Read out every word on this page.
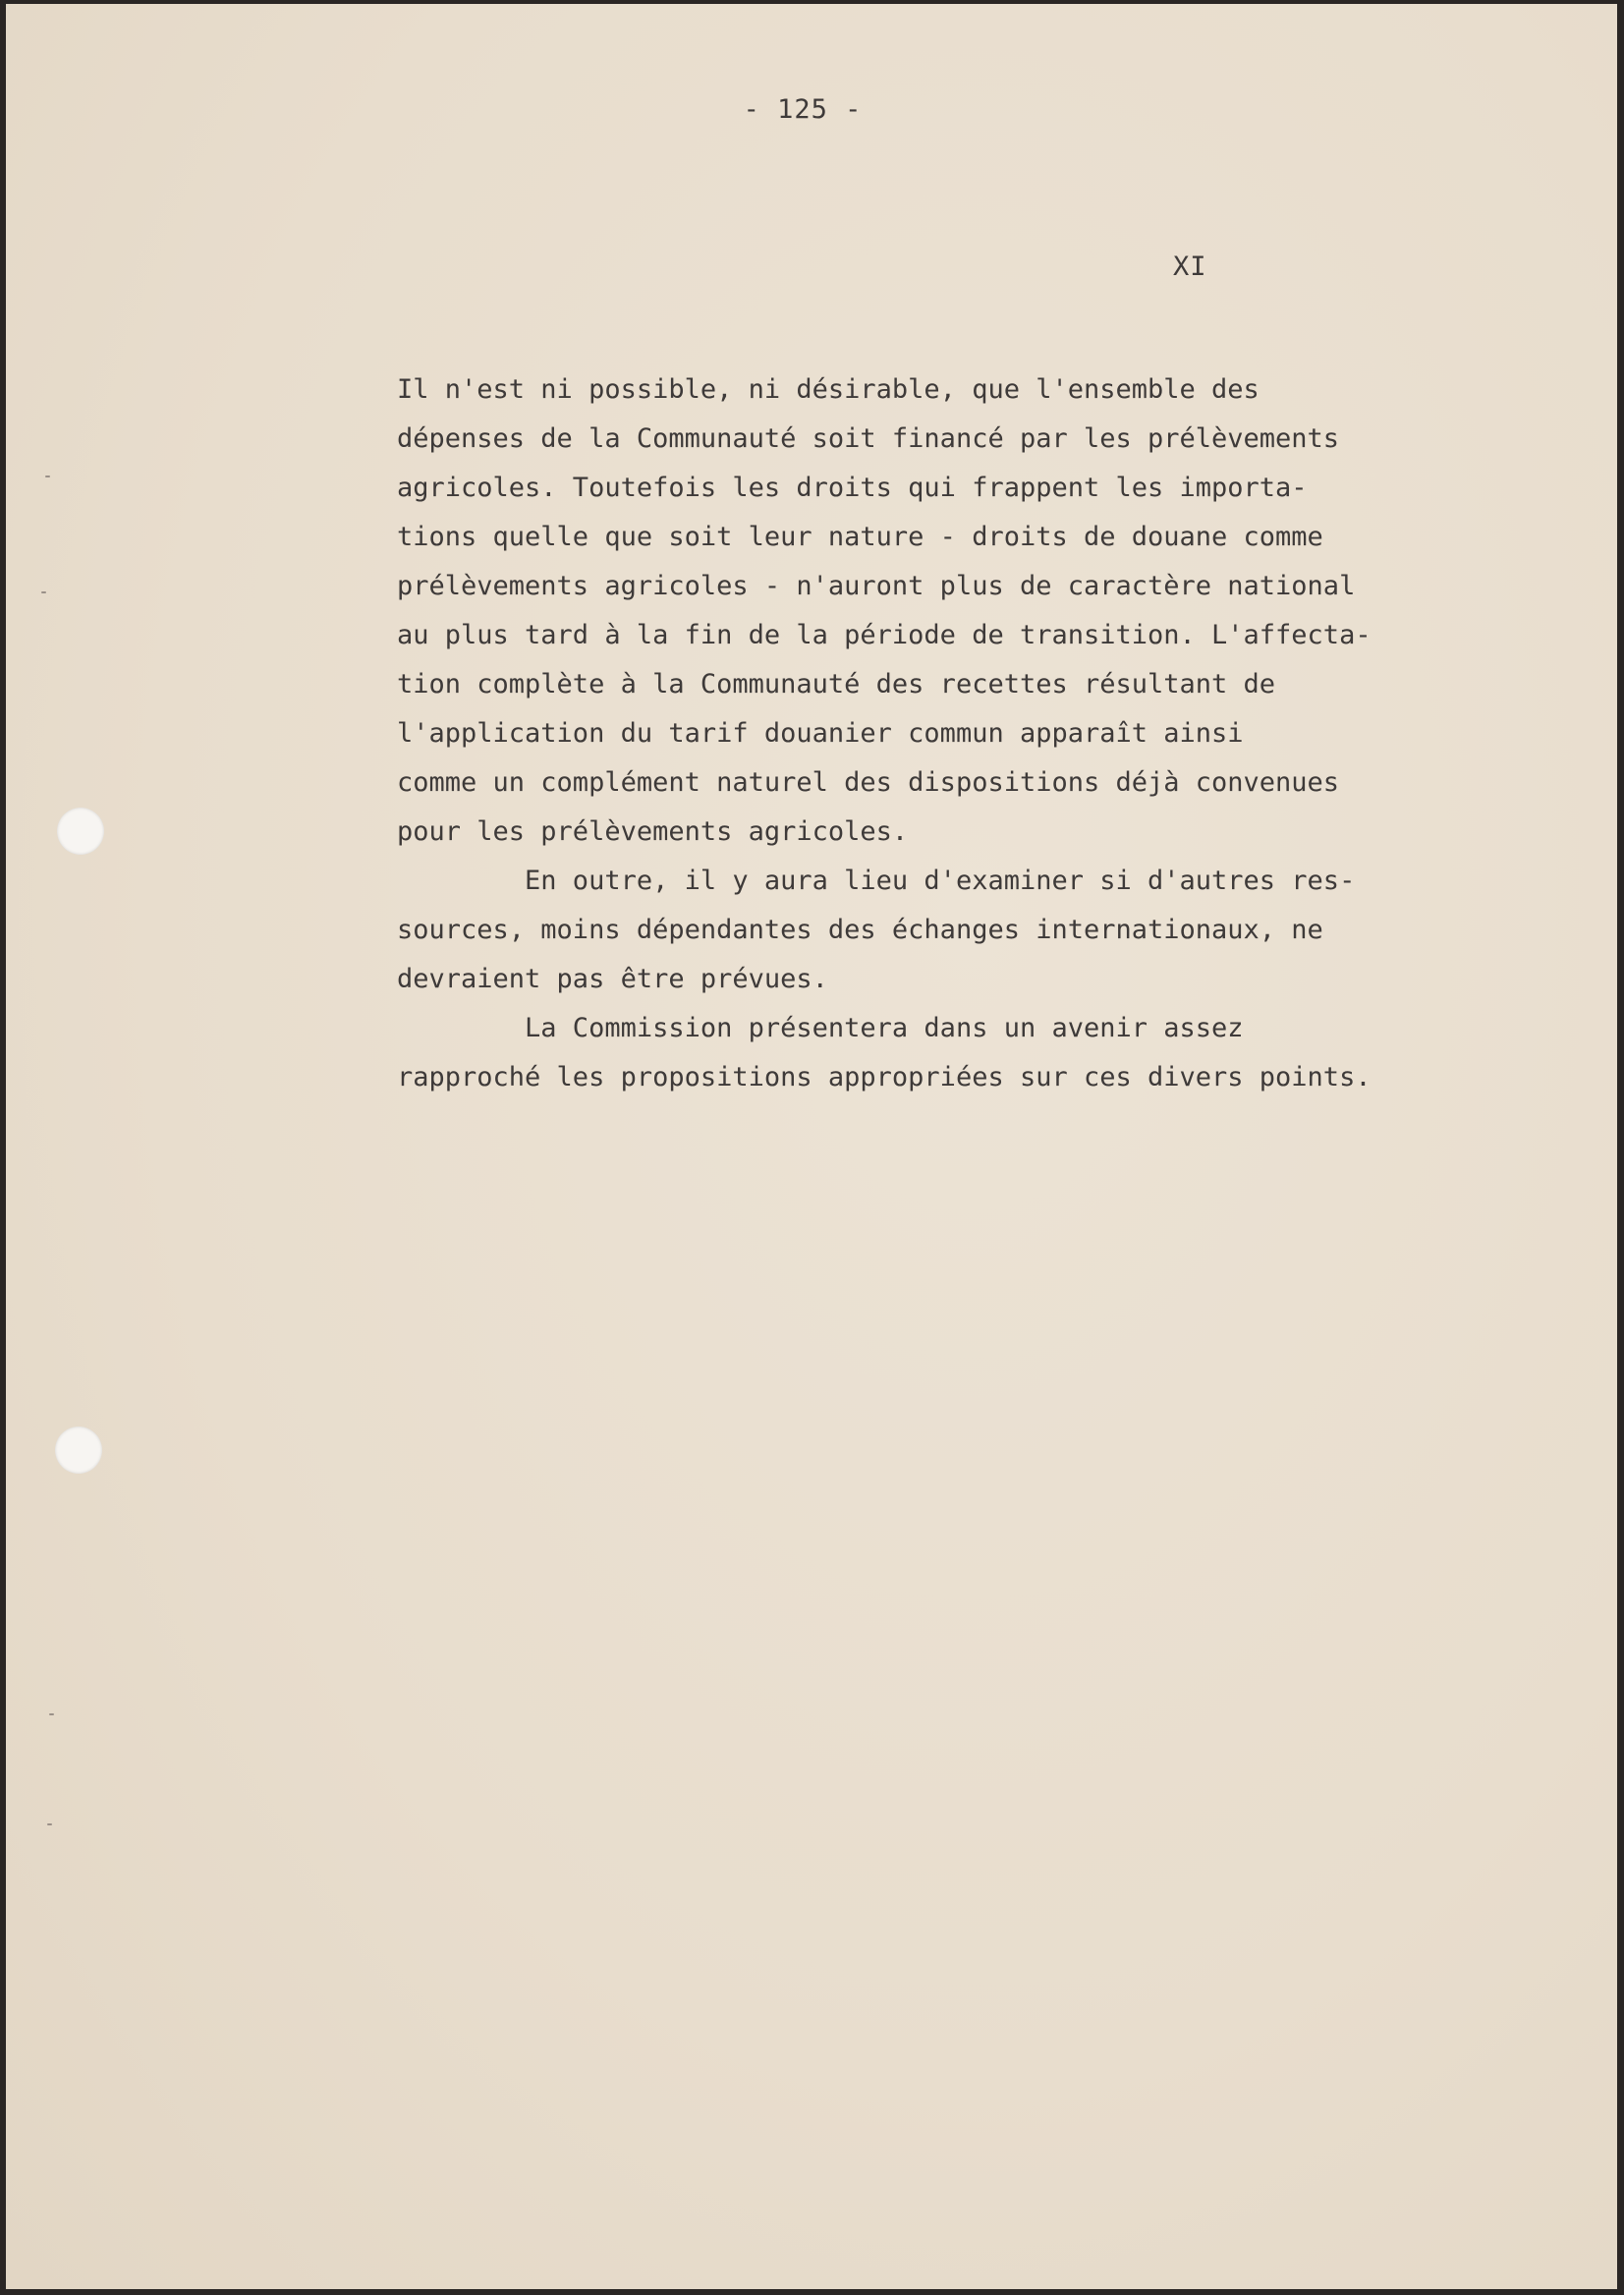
- 125 -
XI
Il n'est ni possible, ni désirable, que l'ensemble des
dépenses de la Communauté soit financé par les prélèvements
agricoles. Toutefois les droits qui frappent les importa-
tions quelle que soit leur nature - droits de douane comme
prélèvements agricoles - n'auront plus de caractère national
au plus tard à la fin de la période de transition. L'affecta-
tion complète à la Communauté des recettes résultant de
l'application du tarif douanier commun apparaît ainsi
comme un complément naturel des dispositions déjà convenues
pour les prélèvements agricoles.
En outre, il y aura lieu d'examiner si d'autres res-
sources, moins dépendantes des échanges internationaux, ne
devraient pas être prévues.
La Commission présentera dans un avenir assez
rapproché les propositions appropriées sur ces divers points.
